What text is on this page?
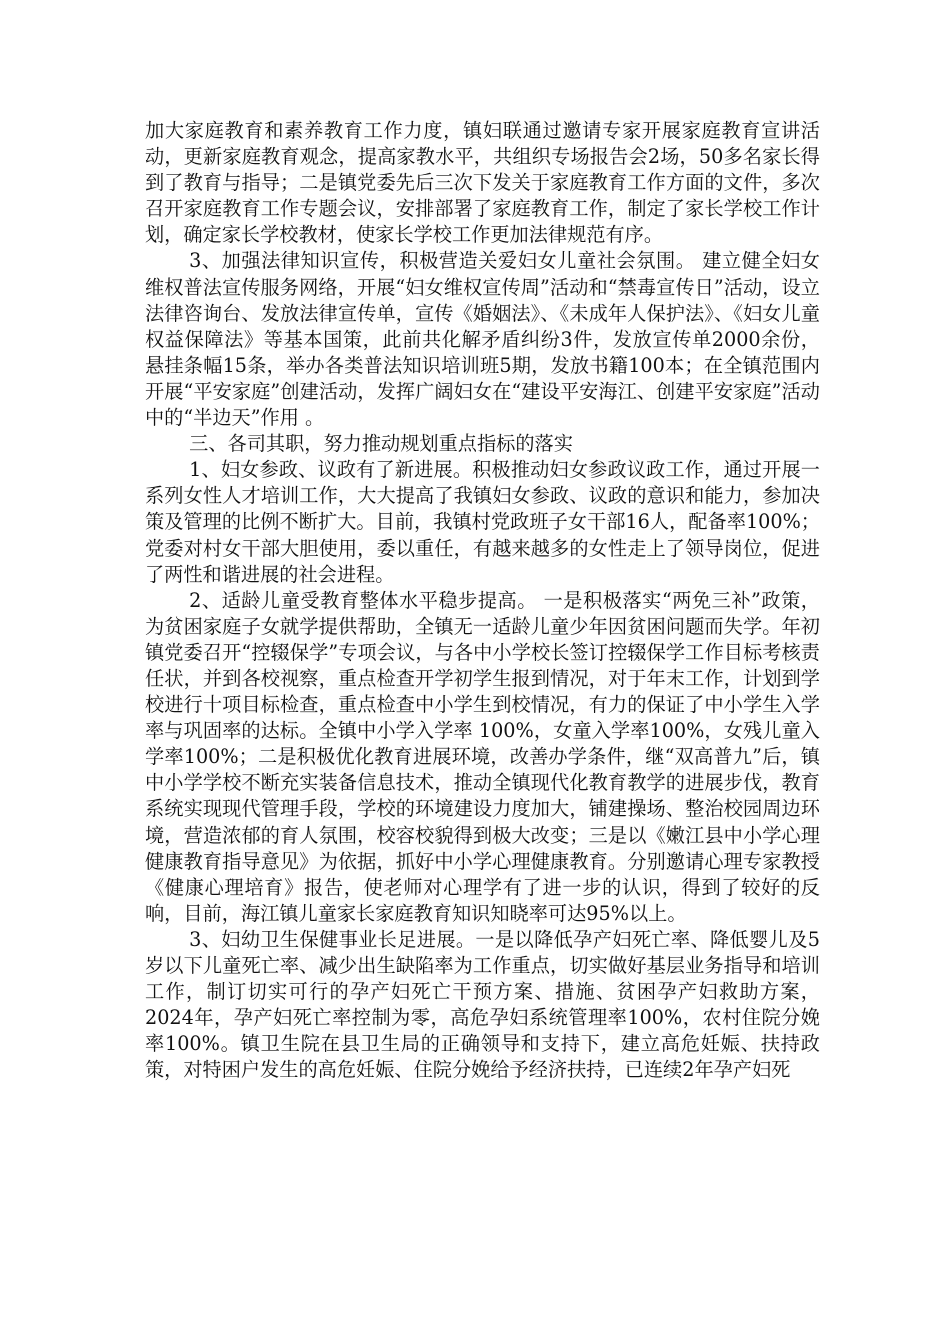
加大家庭教育和素养教育工作力度，镇妇联通过邀请专家开展家庭教育宣讲活动，更新家庭教育观念，提高家教水平，共组织专场报告会2场，50多名家长得到了教育与指导；二是镇党委先后三次下发关于家庭教育工作方面的文件，多次召开家庭教育工作专题会议，安排部署了家庭教育工作，制定了家长学校工作计划，确定家长学校教材，使家长学校工作更加法律规范有序。

3、加强法律知识宣传，积极营造关爱妇女儿童社会氛围。 建立健全妇女维权普法宣传服务网络，开展“妇女维权宣传周”活动和“禁毒宣传日”活动，设立法律咨询台、发放法律宣传单，宣传《婚姻法》、《未成年人保护法》、《妇女儿童权益保障法》等基本国策，此前共化解矛盾纠纷3件，发放宣传单2000余份，悬挂条幅15条，举办各类普法知识培训班5期，发放书籍100本；在全镇范围内开展“平安家庭”创建活动，发挥广阔妇女在“建设平安海江、创建平安家庭”活动中的“半边天”作用 。

三、各司其职，努力推动规划重点指标的落实

1、妇女参政、议政有了新进展。积极推动妇女参政议政工作，通过开展一系列女性人才培训工作，大大提高了我镇妇女参政、议政的意识和能力，参加决策及管理的比例不断扩大。目前，我镇村党政班子女干部16人，配备率100%；党委对村女干部大胆使用，委以重任，有越来越多的女性走上了领导岗位，促进了两性和谐进展的社会进程。

2、适龄儿童受教育整体水平稳步提高。 一是积极落实“两免三补”政策，为贫困家庭子女就学提供帮助，全镇无一适龄儿童少年因贫困问题而失学。年初镇党委召开“控辍保学”专项会议，与各中小学校长签订控辍保学工作目标考核责任状，并到各校视察，重点检查开学初学生报到情况，对于年末工作，计划到学校进行十项目标检查，重点检查中小学生到校情况，有力的保证了中小学生入学率与巩固率的达标。全镇中小学入学率 100%，女童入学率100%，女残儿童入学率100%；二是积极优化教育进展环境，改善办学条件，继“双高普九”后，镇中小学学校不断充实装备信息技术，推动全镇现代化教育教学的进展步伐，教育系统实现现代管理手段，学校的环境建设力度加大，铺建操场、整治校园周边环境，营造浓郁的育人氛围，校容校貌得到极大改变；三是以《嫩江县中小学心理健康教育指导意见》为依据，抓好中小学心理健康教育。分别邀请心理专家教授《健康心理培育》报告，使老师对心理学有了进一步的认识，得到了较好的反响，目前，海江镇儿童家长家庭教育知识知晓率可达95%以上。

3、妇幼卫生保健事业长足进展。一是以降低孕产妇死亡率、降低婴儿及5岁以下儿童死亡率、减少出生缺陷率为工作重点，切实做好基层业务指导和培训工作，制订切实可行的孕产妇死亡干预方案、措施、贫困孕产妇救助方案，2024年，孕产妇死亡率控制为零，高危孕妇系统管理率100%，农村住院分娩率100%。镇卫生院在县卫生局的正确领导和支持下，建立高危妊娠、扶持政策，对特困户发生的高危妊娠、住院分娩给予经济扶持，已连续2年孕产妇死
